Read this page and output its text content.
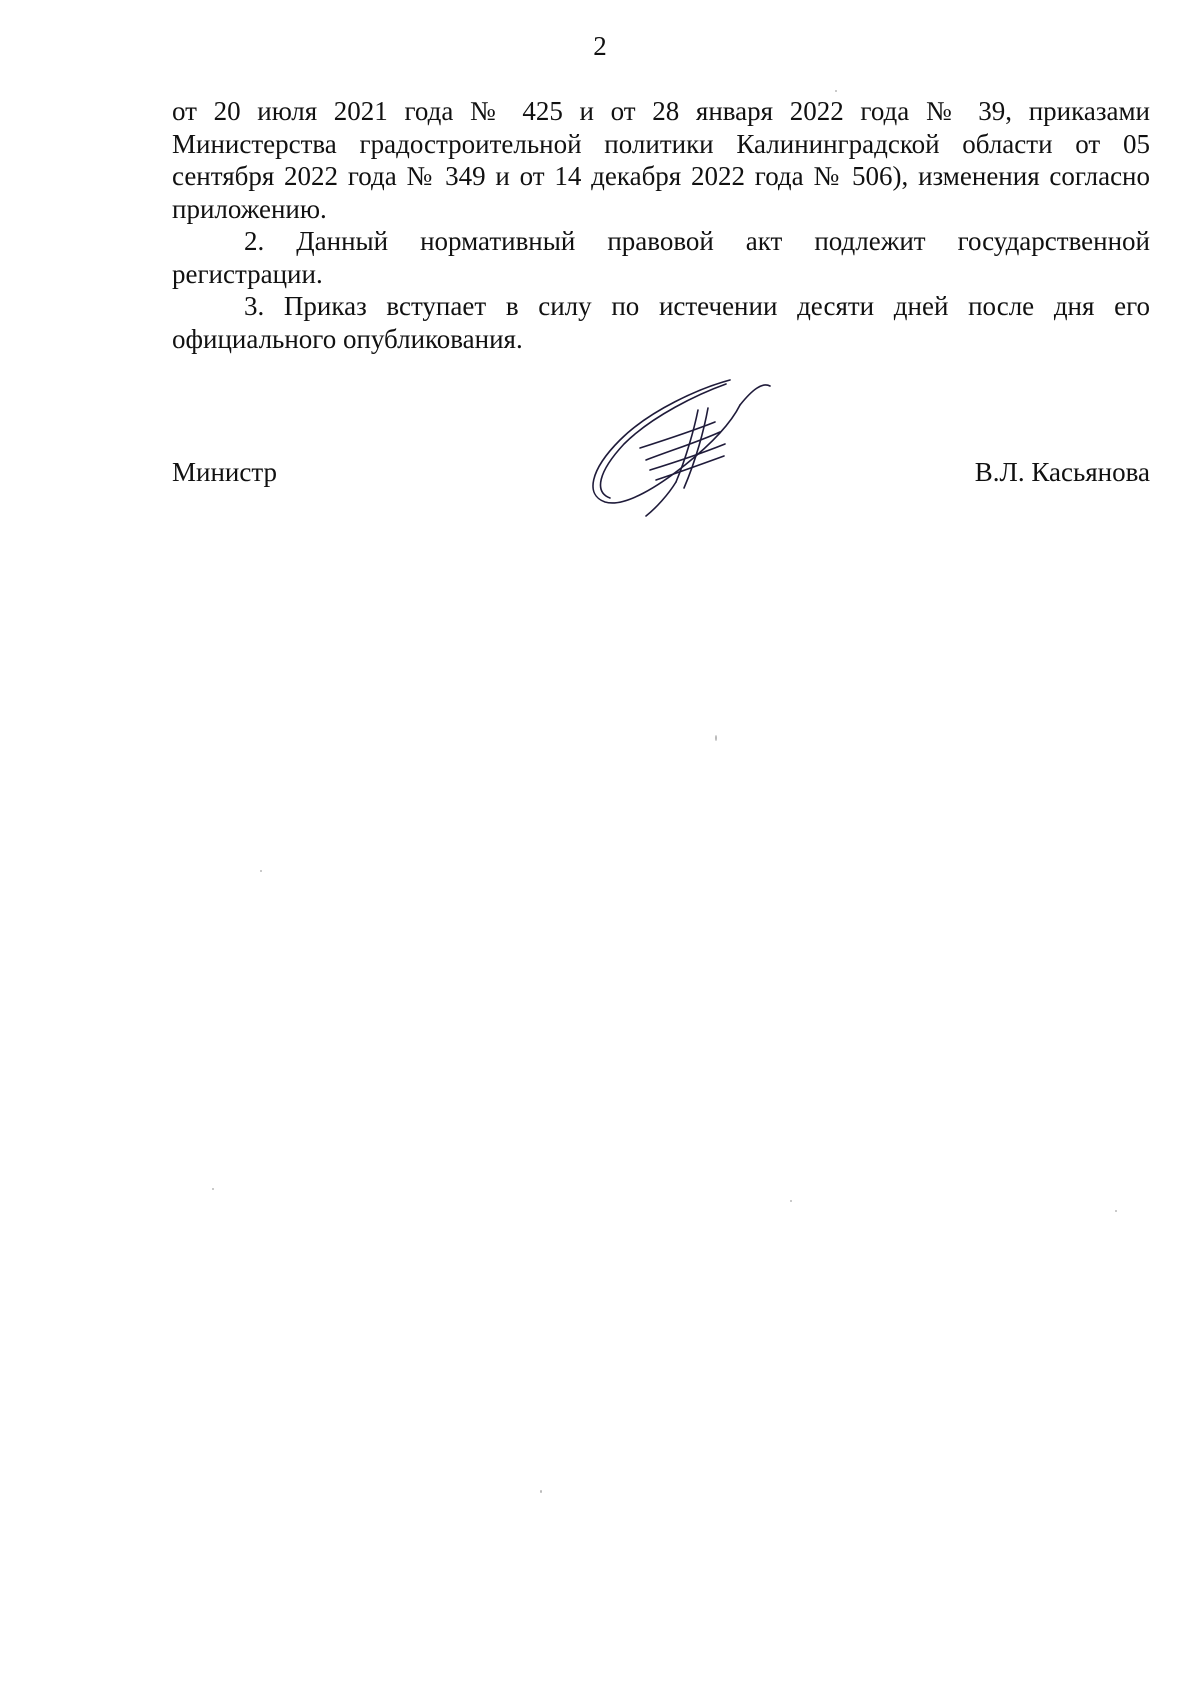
2

от 20 июля 2021 года № 425 и от 28 января 2022 года № 39, приказами Министерства градостроительной политики Калининградской области от 05 сентября 2022 года № 349 и от 14 декабря 2022 года № 506), изменения согласно приложению.

2. Данный нормативный правовой акт подлежит государственной регистрации.

3. Приказ вступает в силу по истечении десяти дней после дня его официального опубликования.

Министр	В.Л. Касьянова
